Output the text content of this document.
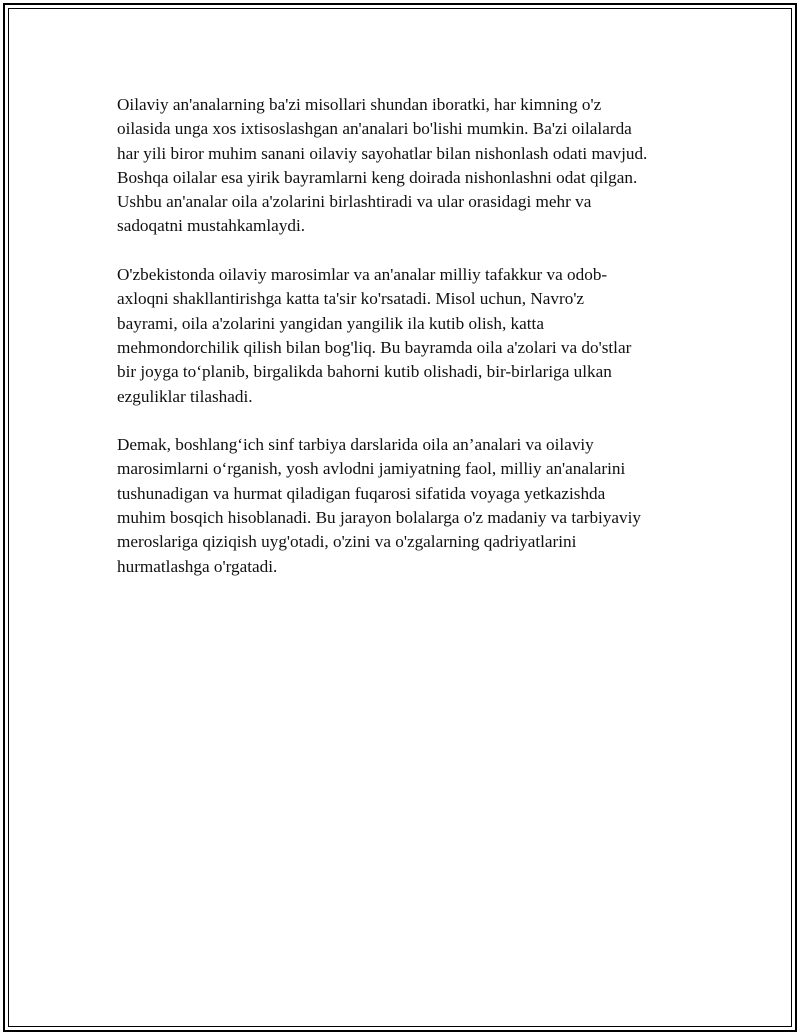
Oilaviy an'analarning ba'zi misollari shundan iboratki, har kimning o'z
oilasida unga xos ixtisoslashgan an'analari bo'lishi mumkin. Ba'zi oilalarda
har yili biror muhim sanani oilaviy sayohatlar bilan nishonlash odati mavjud.
Boshqa oilalar esa yirik bayramlarni keng doirada nishonlashni odat qilgan.
Ushbu an'analar oila a'zolarini birlashtiradi va ular orasidagi mehr va
sadoqatni mustahkamlaydi.

O'zbekistonda oilaviy marosimlar va an'analar milliy tafakkur va odob-
axloqni shakllantirishga katta ta'sir ko'rsatadi. Misol uchun, Navro'z
bayrami, oila a'zolarini yangidan yangilik ila kutib olish, katta
mehmondorchilik qilish bilan bog'liq. Bu bayramda oila a'zolari va do'stlar
bir joyga to‘planib, birgalikda bahorni kutib olishadi, bir-birlariga ulkan
ezguliklar tilashadi.

Demak, boshlang‘ich sinf tarbiya darslarida oila an’analari va oilaviy
marosimlarni o‘rganish, yosh avlodni jamiyatning faol, milliy an'analarini
tushunadigan va hurmat qiladigan fuqarosi sifatida voyaga yetkazishda
muhim bosqich hisoblanadi. Bu jarayon bolalarga o'z madaniy va tarbiyaviy
meroslariga qiziqish uyg'otadi, o'zini va o'zgalarning qadriyatlarini
hurmatlashga o'rgatadi.
